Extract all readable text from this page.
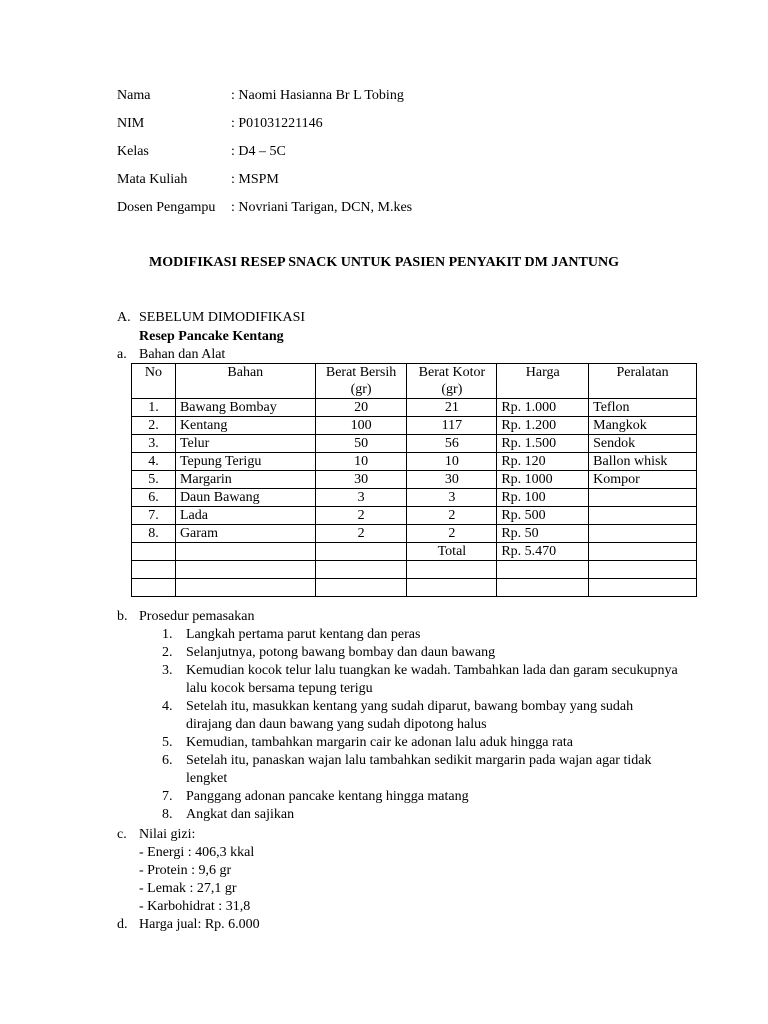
Nama	: Naomi Hasianna Br L Tobing
NIM	: P01031221146
Kelas	: D4 – 5C
Mata Kuliah	: MSPM
Dosen Pengampu : Novriani Tarigan, DCN, M.kes
MODIFIKASI RESEP SNACK UNTUK PASIEN PENYAKIT DM JANTUNG
A. SEBELUM DIMODIFIKASI
Resep Pancake Kentang
a. Bahan dan Alat
No	Bahan	Berat Bersih (gr)	Berat Kotor (gr)	Harga	Peralatan
1.	Bawang Bombay	20	21	Rp. 1.000	Teflon
2.	Kentang	100	117	Rp. 1.200	Mangkok
3.	Telur	50	56	Rp. 1.500	Sendok
4.	Tepung Terigu	10	10	Rp. 120	Ballon whisk
5.	Margarin	30	30	Rp. 1000	Kompor
6.	Daun Bawang	3	3	Rp. 100	
7.	Lada	2	2	Rp. 500	
8.	Garam	2	2	Rp. 50	
			Total	Rp. 5.470	

b. Prosedur pemasakan
1. Langkah pertama parut kentang dan peras
2. Selanjutnya, potong bawang bombay dan daun bawang
3. Kemudian kocok telur lalu tuangkan ke wadah. Tambahkan lada dan garam secukupnya lalu kocok bersama tepung terigu
4. Setelah itu, masukkan kentang yang sudah diparut, bawang bombay yang sudah dirajang dan daun bawang yang sudah dipotong halus
5. Kemudian, tambahkan margarin cair ke adonan lalu aduk hingga rata
6. Setelah itu, panaskan wajan lalu tambahkan sedikit margarin pada wajan agar tidak lengket
7. Panggang adonan pancake kentang hingga matang
8. Angkat dan sajikan
c. Nilai gizi:
- Energi : 406,3 kkal
- Protein : 9,6 gr
- Lemak : 27,1 gr
- Karbohidrat : 31,8
d. Harga jual: Rp. 6.000
